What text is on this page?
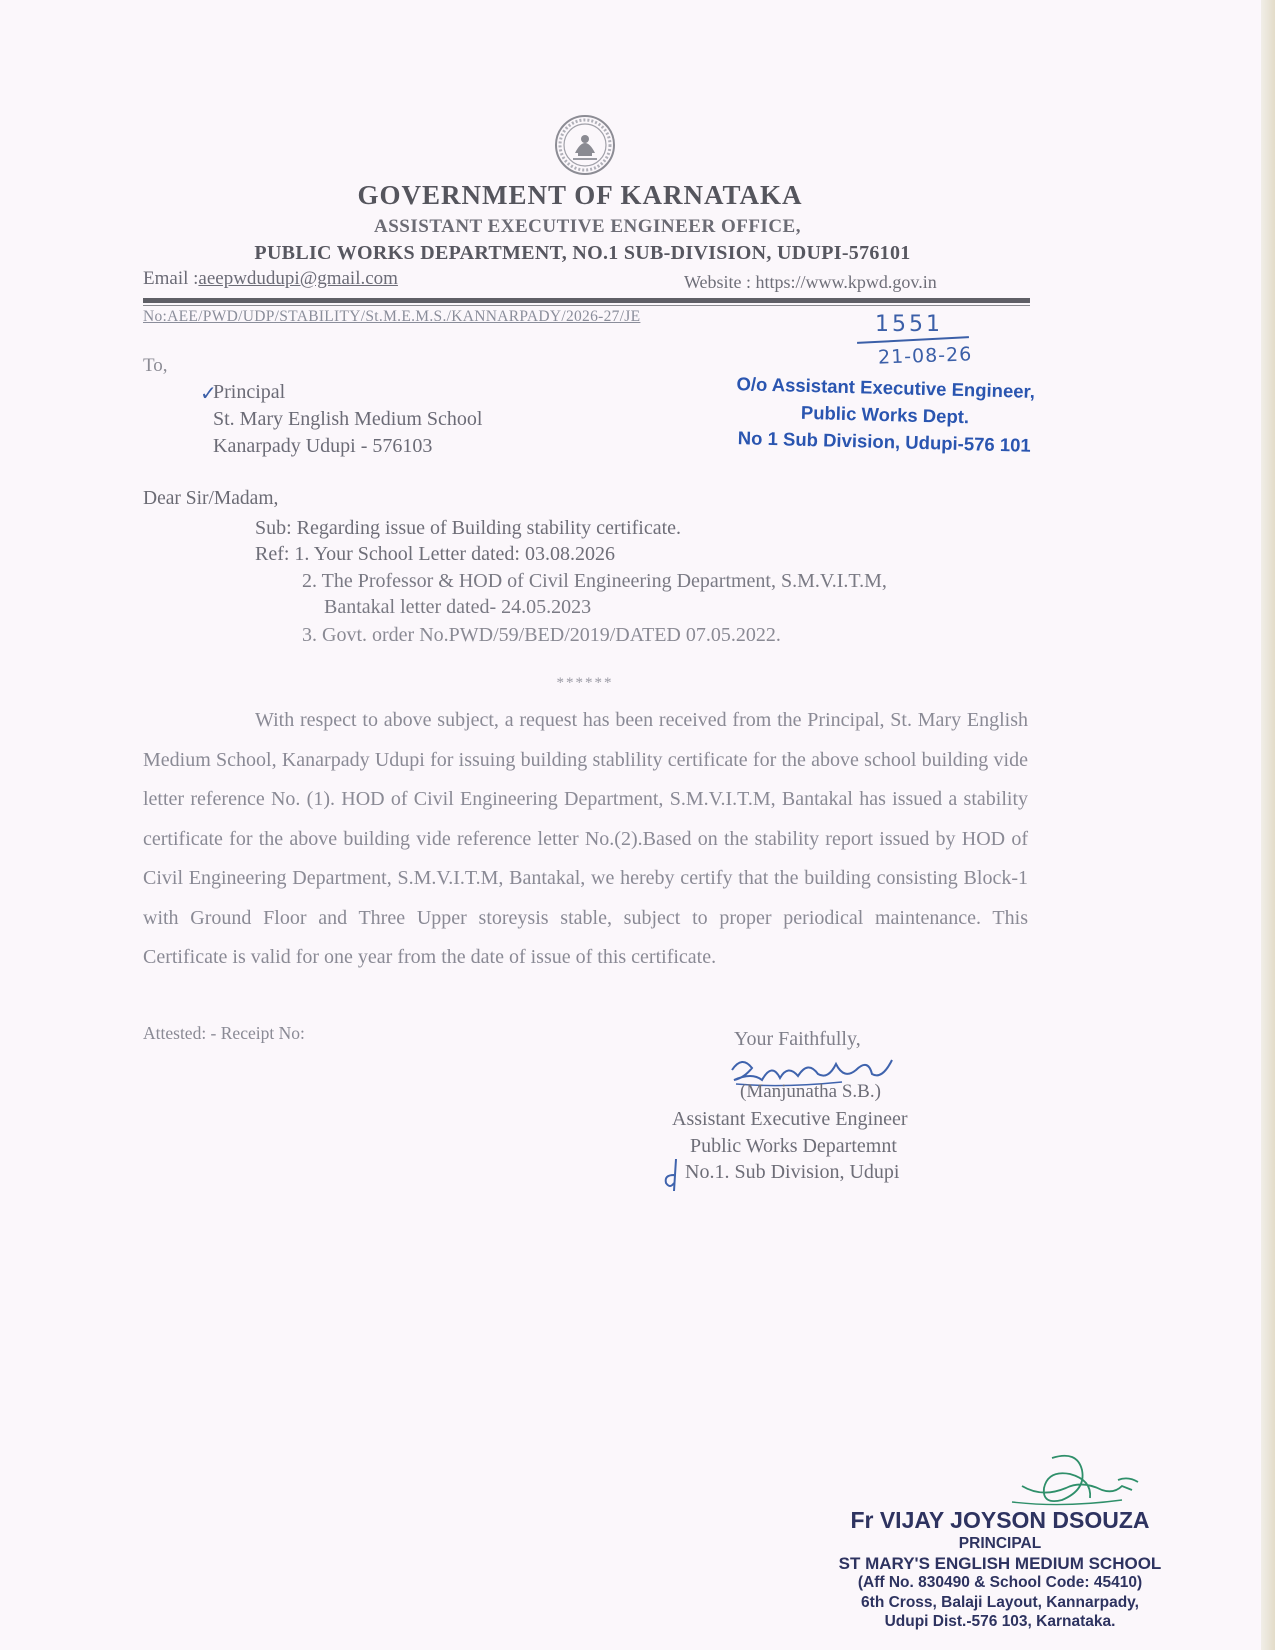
GOVERNMENT OF KARNATAKA
ASSISTANT EXECUTIVE ENGINEER OFFICE,
PUBLIC WORKS DEPARTMENT, NO.1 SUB-DIVISION, UDUPI-576101
Email :aeepwdudupi@gmail.com	Website : https://www.kpwd.gov.in
No:AEE/PWD/UDP/STABILITY/St.M.E.M.S./KANNARPADY/2026-27/JE	1551
21-08-26
O/o Assistant Executive Engineer,
Public Works Dept.
No 1 Sub Division, Udupi-576 101
To,
✓
Principal
St. Mary English Medium School
Kanarpady Udupi - 576103
Dear Sir/Madam,
Sub: Regarding issue of Building stability certificate.
Ref: 1. Your School Letter dated: 03.08.2026
2. The Professor & HOD of Civil Engineering Department, S.M.V.I.T.M,
Bantakal letter dated- 24.05.2023
3. Govt. order No.PWD/59/BED/2019/DATED 07.05.2022.
******
With respect to above subject, a request has been received from the Principal, St. Mary English Medium School, Kanarpady Udupi for issuing building stablility certificate for the above school building vide letter reference No. (1). HOD of Civil Engineering Department, S.M.V.I.T.M, Bantakal has issued a stability certificate for the above building vide reference letter No.(2).Based on the stability report issued by HOD of Civil Engineering Department, S.M.V.I.T.M, Bantakal, we hereby certify that the building consisting Block-1 with Ground Floor and Three Upper storeysis stable, subject to proper periodical maintenance. This Certificate is valid for one year from the date of issue of this certificate.
Attested: - Receipt No:	Your Faithfully,
(Manjunatha S.B.)
Assistant Executive Engineer
Public Works Departemnt
No.1. Sub Division, Udupi
Fr VIJAY JOYSON DSOUZA
PRINCIPAL
ST MARY'S ENGLISH MEDIUM SCHOOL
(Aff No. 830490 & School Code: 45410)
6th Cross, Balaji Layout, Kannarpady,
Udupi Dist.-576 103, Karnataka.
